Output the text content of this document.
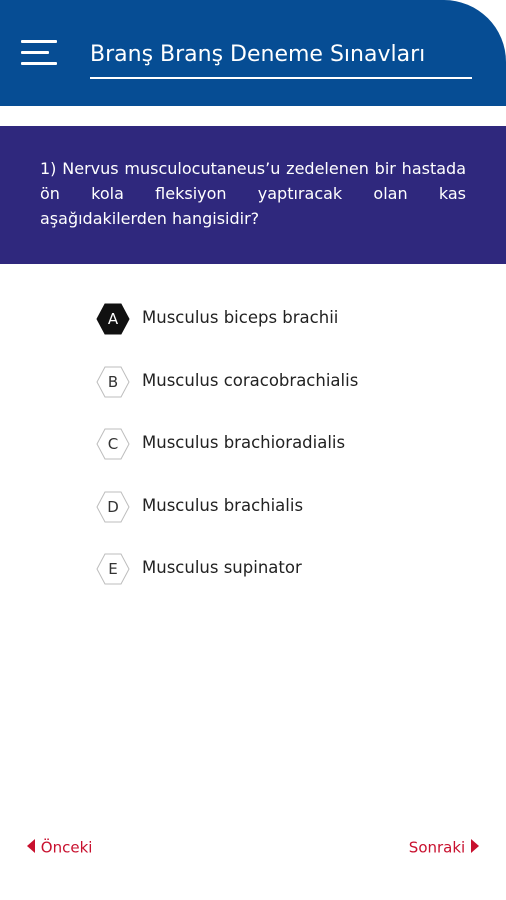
Branş Branş Deneme Sınavları
1) Nervus musculocutaneus’u zedelenen bir hastada ön kola fleksiyon yaptıracak olan kas aşağıdakilerden hangisidir?
A	Musculus biceps brachii
B	Musculus coracobrachialis
C	Musculus brachioradialis
D	Musculus brachialis
E	Musculus supinator
Önceki	Sonraki
